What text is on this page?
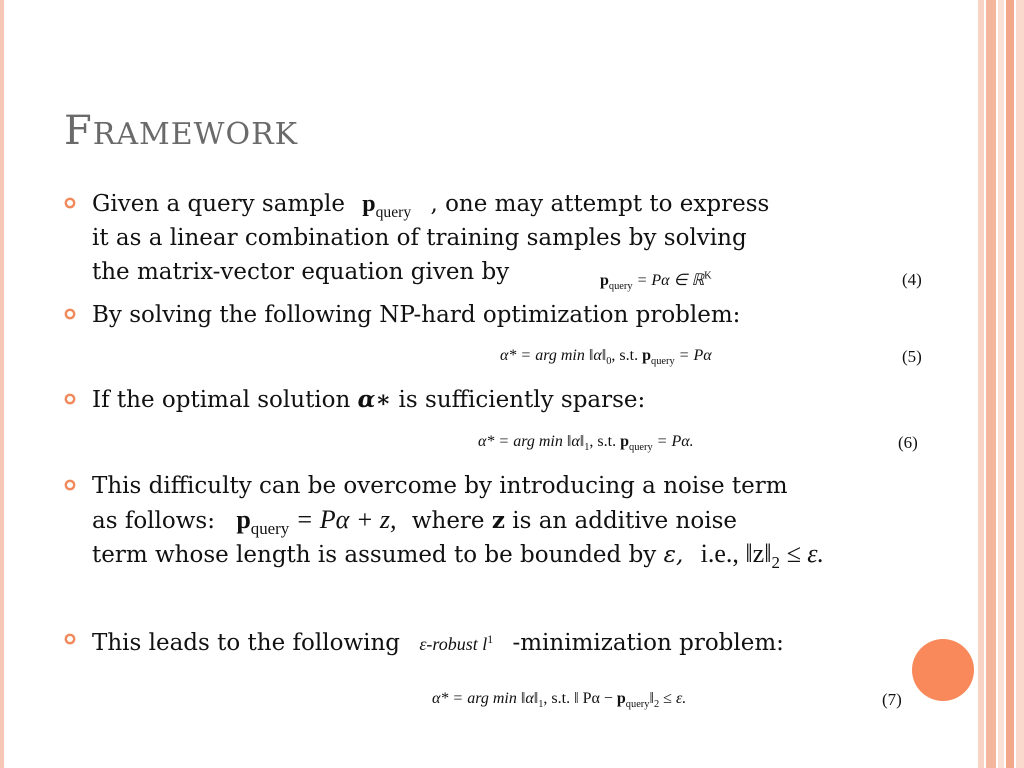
FRAMEWORK
Given a query sample $p_{query}$ , one may attempt to express
it as a linear combination of training samples by solving
the matrix-vector equation given by	$p_{query} = P\alpha$ ∈ ℝ$^K$	(4)
By solving the following NP-hard optimization problem:
α* = arg $\min ‖\alpha‖_0$, s.t. $p_{query} = P\alpha$	(5)
If the optimal solution α∗ is sufficiently sparse:
α* = arg $\min ‖\alpha‖_1$, s.t. $p_{query} = P\alpha$.	(6)
This difficulty can be overcome by introducing a noise term
as follows: $p_{query} = P\alpha + z$, where z is an additive noise
term whose length is assumed to be bounded by ε, i.e., $‖z‖_2 \le \varepsilon$.
This leads to the following ε-robust $l^1$ -minimization problem:
α* = arg $\min ‖\alpha‖_1$, s.t. ‖ $P\alpha - p_{query}‖_2 \le \varepsilon$.	(7)
